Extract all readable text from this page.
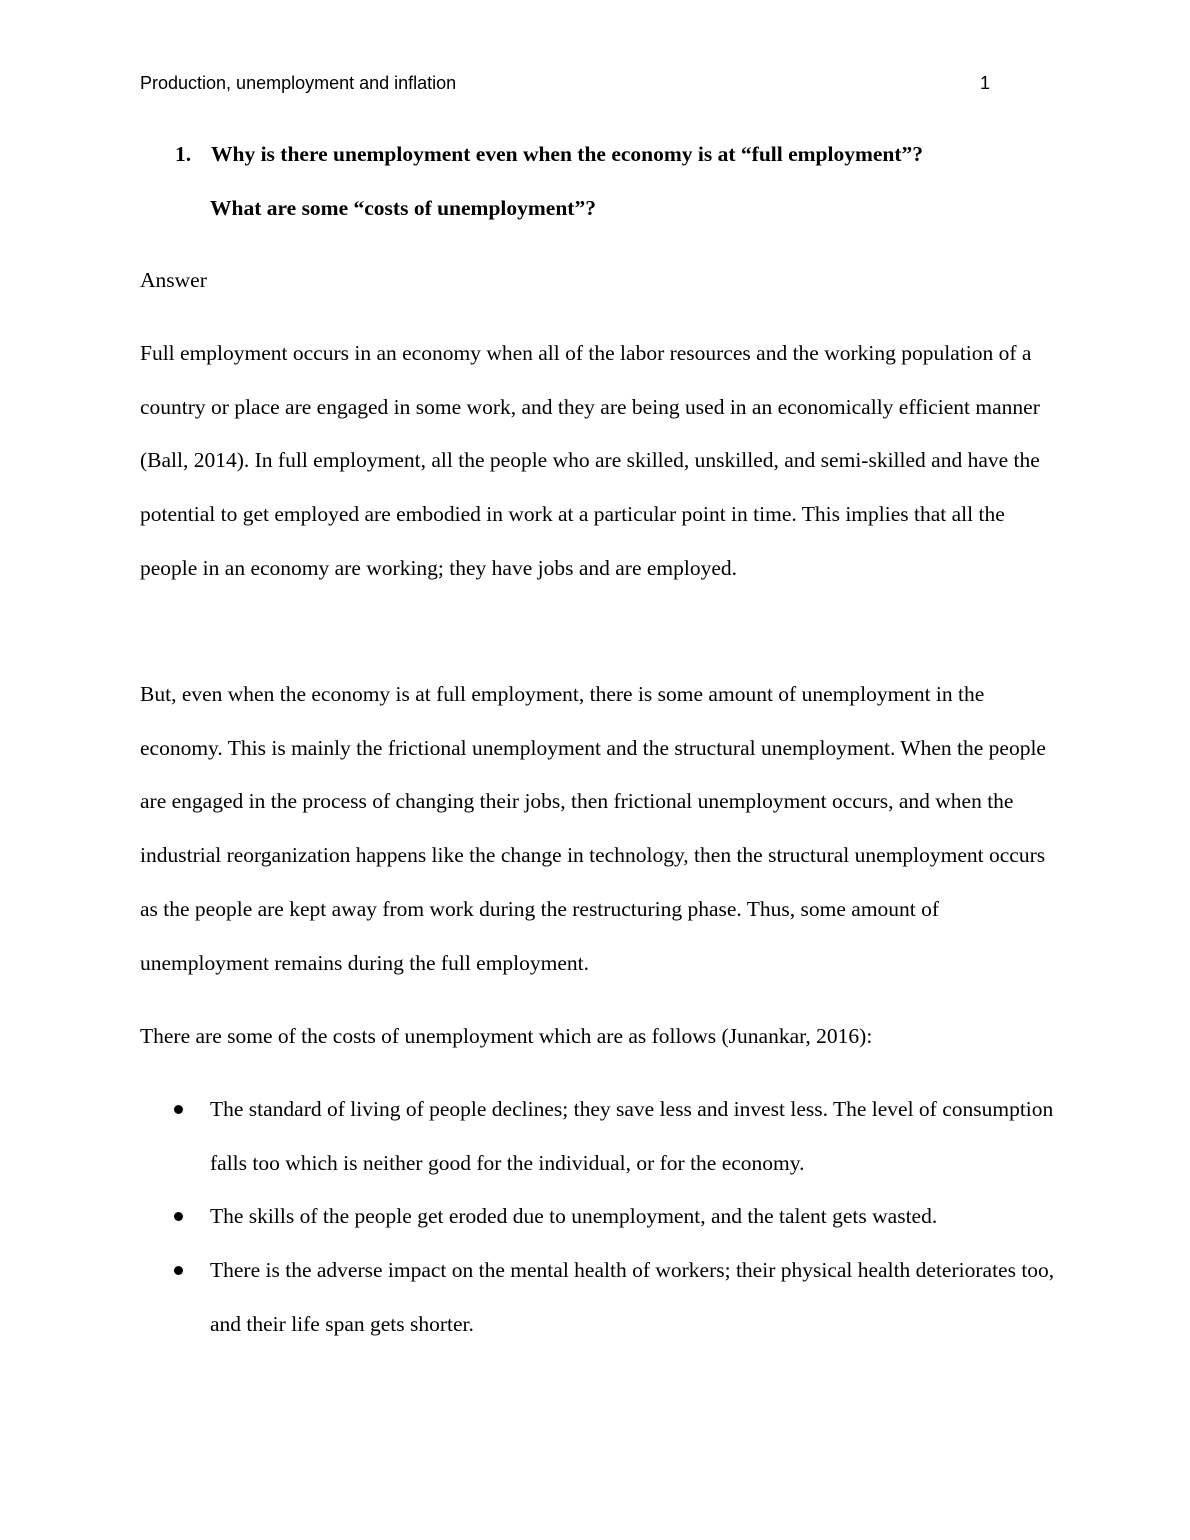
Production, unemployment and inflation	1
1. Why is there unemployment even when the economy is at “full employment”?
What are some “costs of unemployment”?
Answer

Full employment occurs in an economy when all of the labor resources and the working population of a country or place are engaged in some work, and they are being used in an economically efficient manner (Ball, 2014). In full employment, all the people who are skilled, unskilled, and semi-skilled and have the potential to get employed are embodied in work at a particular point in time. This implies that all the people in an economy are working; they have jobs and are employed.

But, even when the economy is at full employment, there is some amount of unemployment in the economy. This is mainly the frictional unemployment and the structural unemployment. When the people are engaged in the process of changing their jobs, then frictional unemployment occurs, and when the industrial reorganization happens like the change in technology, then the structural unemployment occurs as the people are kept away from work during the restructuring phase. Thus, some amount of unemployment remains during the full employment.

There are some of the costs of unemployment which are as follows (Junankar, 2016):

The standard of living of people declines; they save less and invest less. The level of consumption falls too which is neither good for the individual, or for the economy.
The skills of the people get eroded due to unemployment, and the talent gets wasted.
There is the adverse impact on the mental health of workers; their physical health deteriorates too, and their life span gets shorter.
